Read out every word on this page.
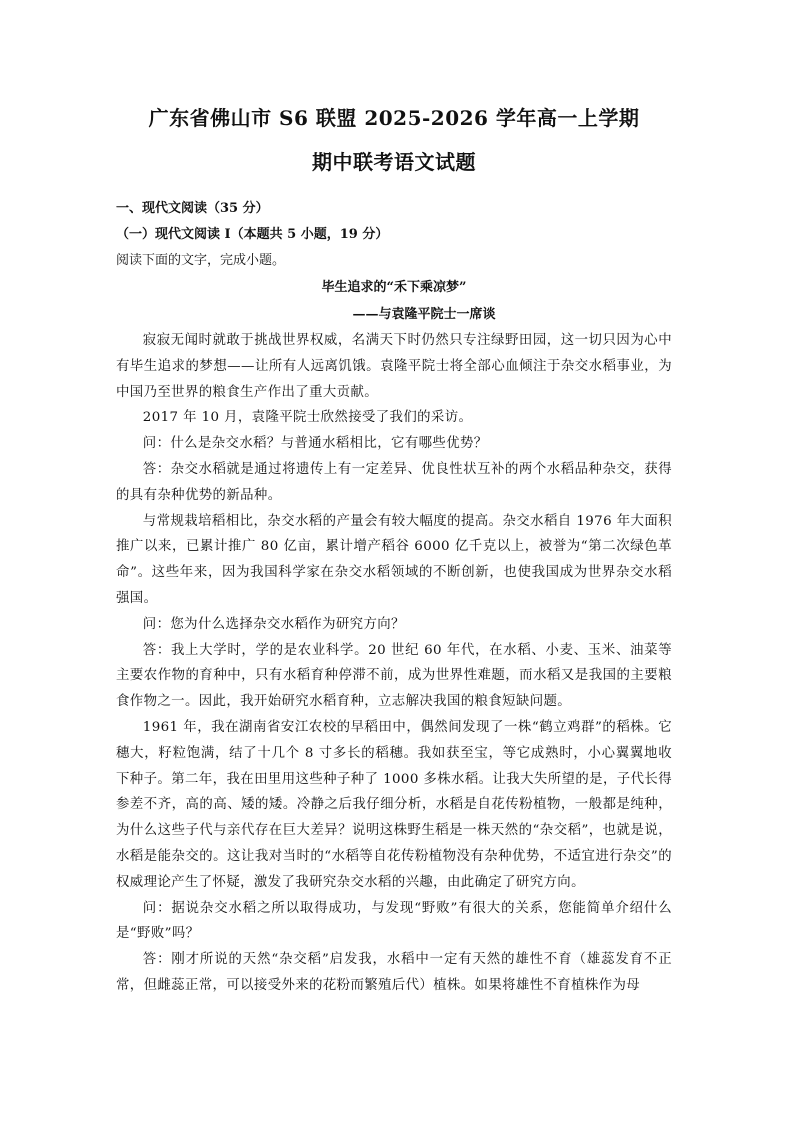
广东省佛山市 S6 联盟 2025-2026 学年高一上学期
期中联考语文试题

一、现代文阅读（35 分）

（一）现代文阅读 Ⅰ（本题共 5 小题，19 分）

阅读下面的文字，完成小题。

毕生追求的“禾下乘凉梦”

——与袁隆平院士一席谈

寂寂无闻时就敢于挑战世界权威，名满天下时仍然只专注绿野田园，这一切只因为心中有毕生追求的梦想——让所有人远离饥饿。袁隆平院士将全部心血倾注于杂交水稻事业，为中国乃至世界的粮食生产作出了重大贡献。

2017 年 10 月，袁隆平院士欣然接受了我们的采访。

问：什么是杂交水稻？与普通水稻相比，它有哪些优势？

答：杂交水稻就是通过将遗传上有一定差异、优良性状互补的两个水稻品种杂交，获得的具有杂种优势的新品种。

与常规栽培稻相比，杂交水稻的产量会有较大幅度的提高。杂交水稻自 1976 年大面积推广以来，已累计推广 80 亿亩，累计增产稻谷 6000 亿千克以上，被誉为“第二次绿色革命”。这些年来，因为我国科学家在杂交水稻领域的不断创新，也使我国成为世界杂交水稻强国。

问：您为什么选择杂交水稻作为研究方向？

答：我上大学时，学的是农业科学。20 世纪 60 年代，在水稻、小麦、玉米、油菜等主要农作物的育种中，只有水稻育种停滞不前，成为世界性难题，而水稻又是我国的主要粮食作物之一。因此，我开始研究水稻育种，立志解决我国的粮食短缺问题。

1961 年，我在湖南省安江农校的早稻田中，偶然间发现了一株“鹤立鸡群”的稻株。它穗大，籽粒饱满，结了十几个 8 寸多长的稻穗。我如获至宝，等它成熟时，小心翼翼地收下种子。第二年，我在田里用这些种子种了 1000 多株水稻。让我大失所望的是，子代长得参差不齐，高的高、矮的矮。冷静之后我仔细分析，水稻是自花传粉植物，一般都是纯种，为什么这些子代与亲代存在巨大差异？说明这株野生稻是一株天然的“杂交稻”，也就是说，水稻是能杂交的。这让我对当时的“水稻等自花传粉植物没有杂种优势，不适宜进行杂交”的权威理论产生了怀疑，激发了我研究杂交水稻的兴趣，由此确定了研究方向。

问：据说杂交水稻之所以取得成功，与发现“野败”有很大的关系，您能简单介绍什么是“野败”吗？

答：刚才所说的天然“杂交稻”启发我，水稻中一定有天然的雄性不育（雄蕊发育不正常，但雌蕊正常，可以接受外来的花粉而繁殖后代）植株。如果将雄性不育植株作为母
